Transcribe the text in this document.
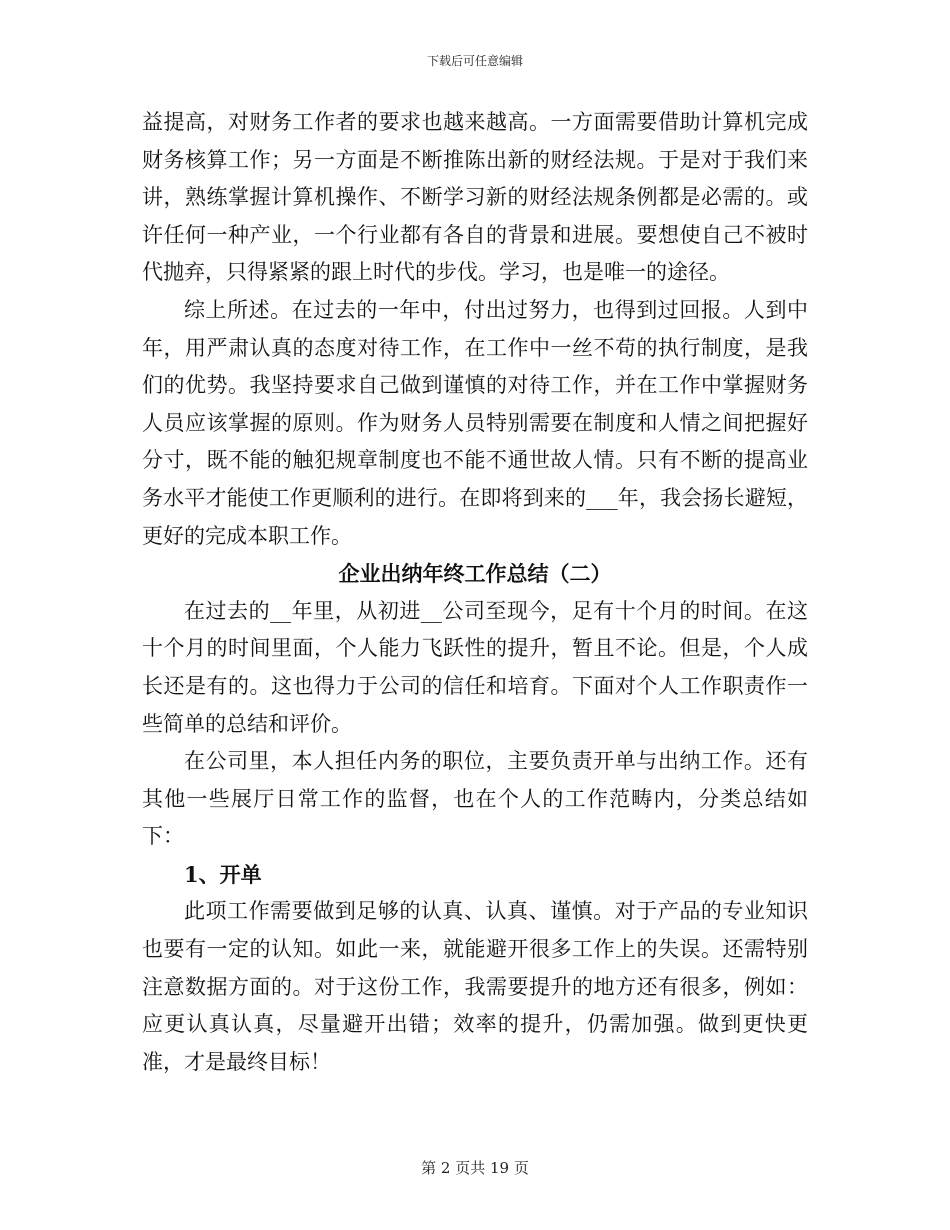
下载后可任意编辑

益提高，对财务工作者的要求也越来越高。一方面需要借助计算机完成财务核算工作；另一方面是不断推陈出新的财经法规。于是对于我们来讲，熟练掌握计算机操作、不断学习新的财经法规条例都是必需的。或许任何一种产业，一个行业都有各自的背景和进展。要想使自己不被时代抛弃，只得紧紧的跟上时代的步伐。学习，也是唯一的途径。

综上所述。在过去的一年中，付出过努力，也得到过回报。人到中年，用严肃认真的态度对待工作，在工作中一丝不苟的执行制度，是我们的优势。我坚持要求自己做到谨慎的对待工作，并在工作中掌握财务人员应该掌握的原则。作为财务人员特别需要在制度和人情之间把握好分寸，既不能的触犯规章制度也不能不通世故人情。只有不断的提高业务水平才能使工作更顺利的进行。在即将到来的___年，我会扬长避短，更好的完成本职工作。

企业出纳年终工作总结（二）

在过去的__年里，从初进__公司至现今，足有十个月的时间。在这十个月的时间里面，个人能力飞跃性的提升，暂且不论。但是，个人成长还是有的。这也得力于公司的信任和培育。下面对个人工作职责作一些简单的总结和评价。

在公司里，本人担任内务的职位，主要负责开单与出纳工作。还有其他一些展厅日常工作的监督，也在个人的工作范畴内，分类总结如下：

1、开单

此项工作需要做到足够的认真、认真、谨慎。对于产品的专业知识也要有一定的认知。如此一来，就能避开很多工作上的失误。还需特别注意数据方面的。对于这份工作，我需要提升的地方还有很多，例如：应更认真认真，尽量避开出错；效率的提升，仍需加强。做到更快更准，才是最终目标！

第 2 页共 19 页
